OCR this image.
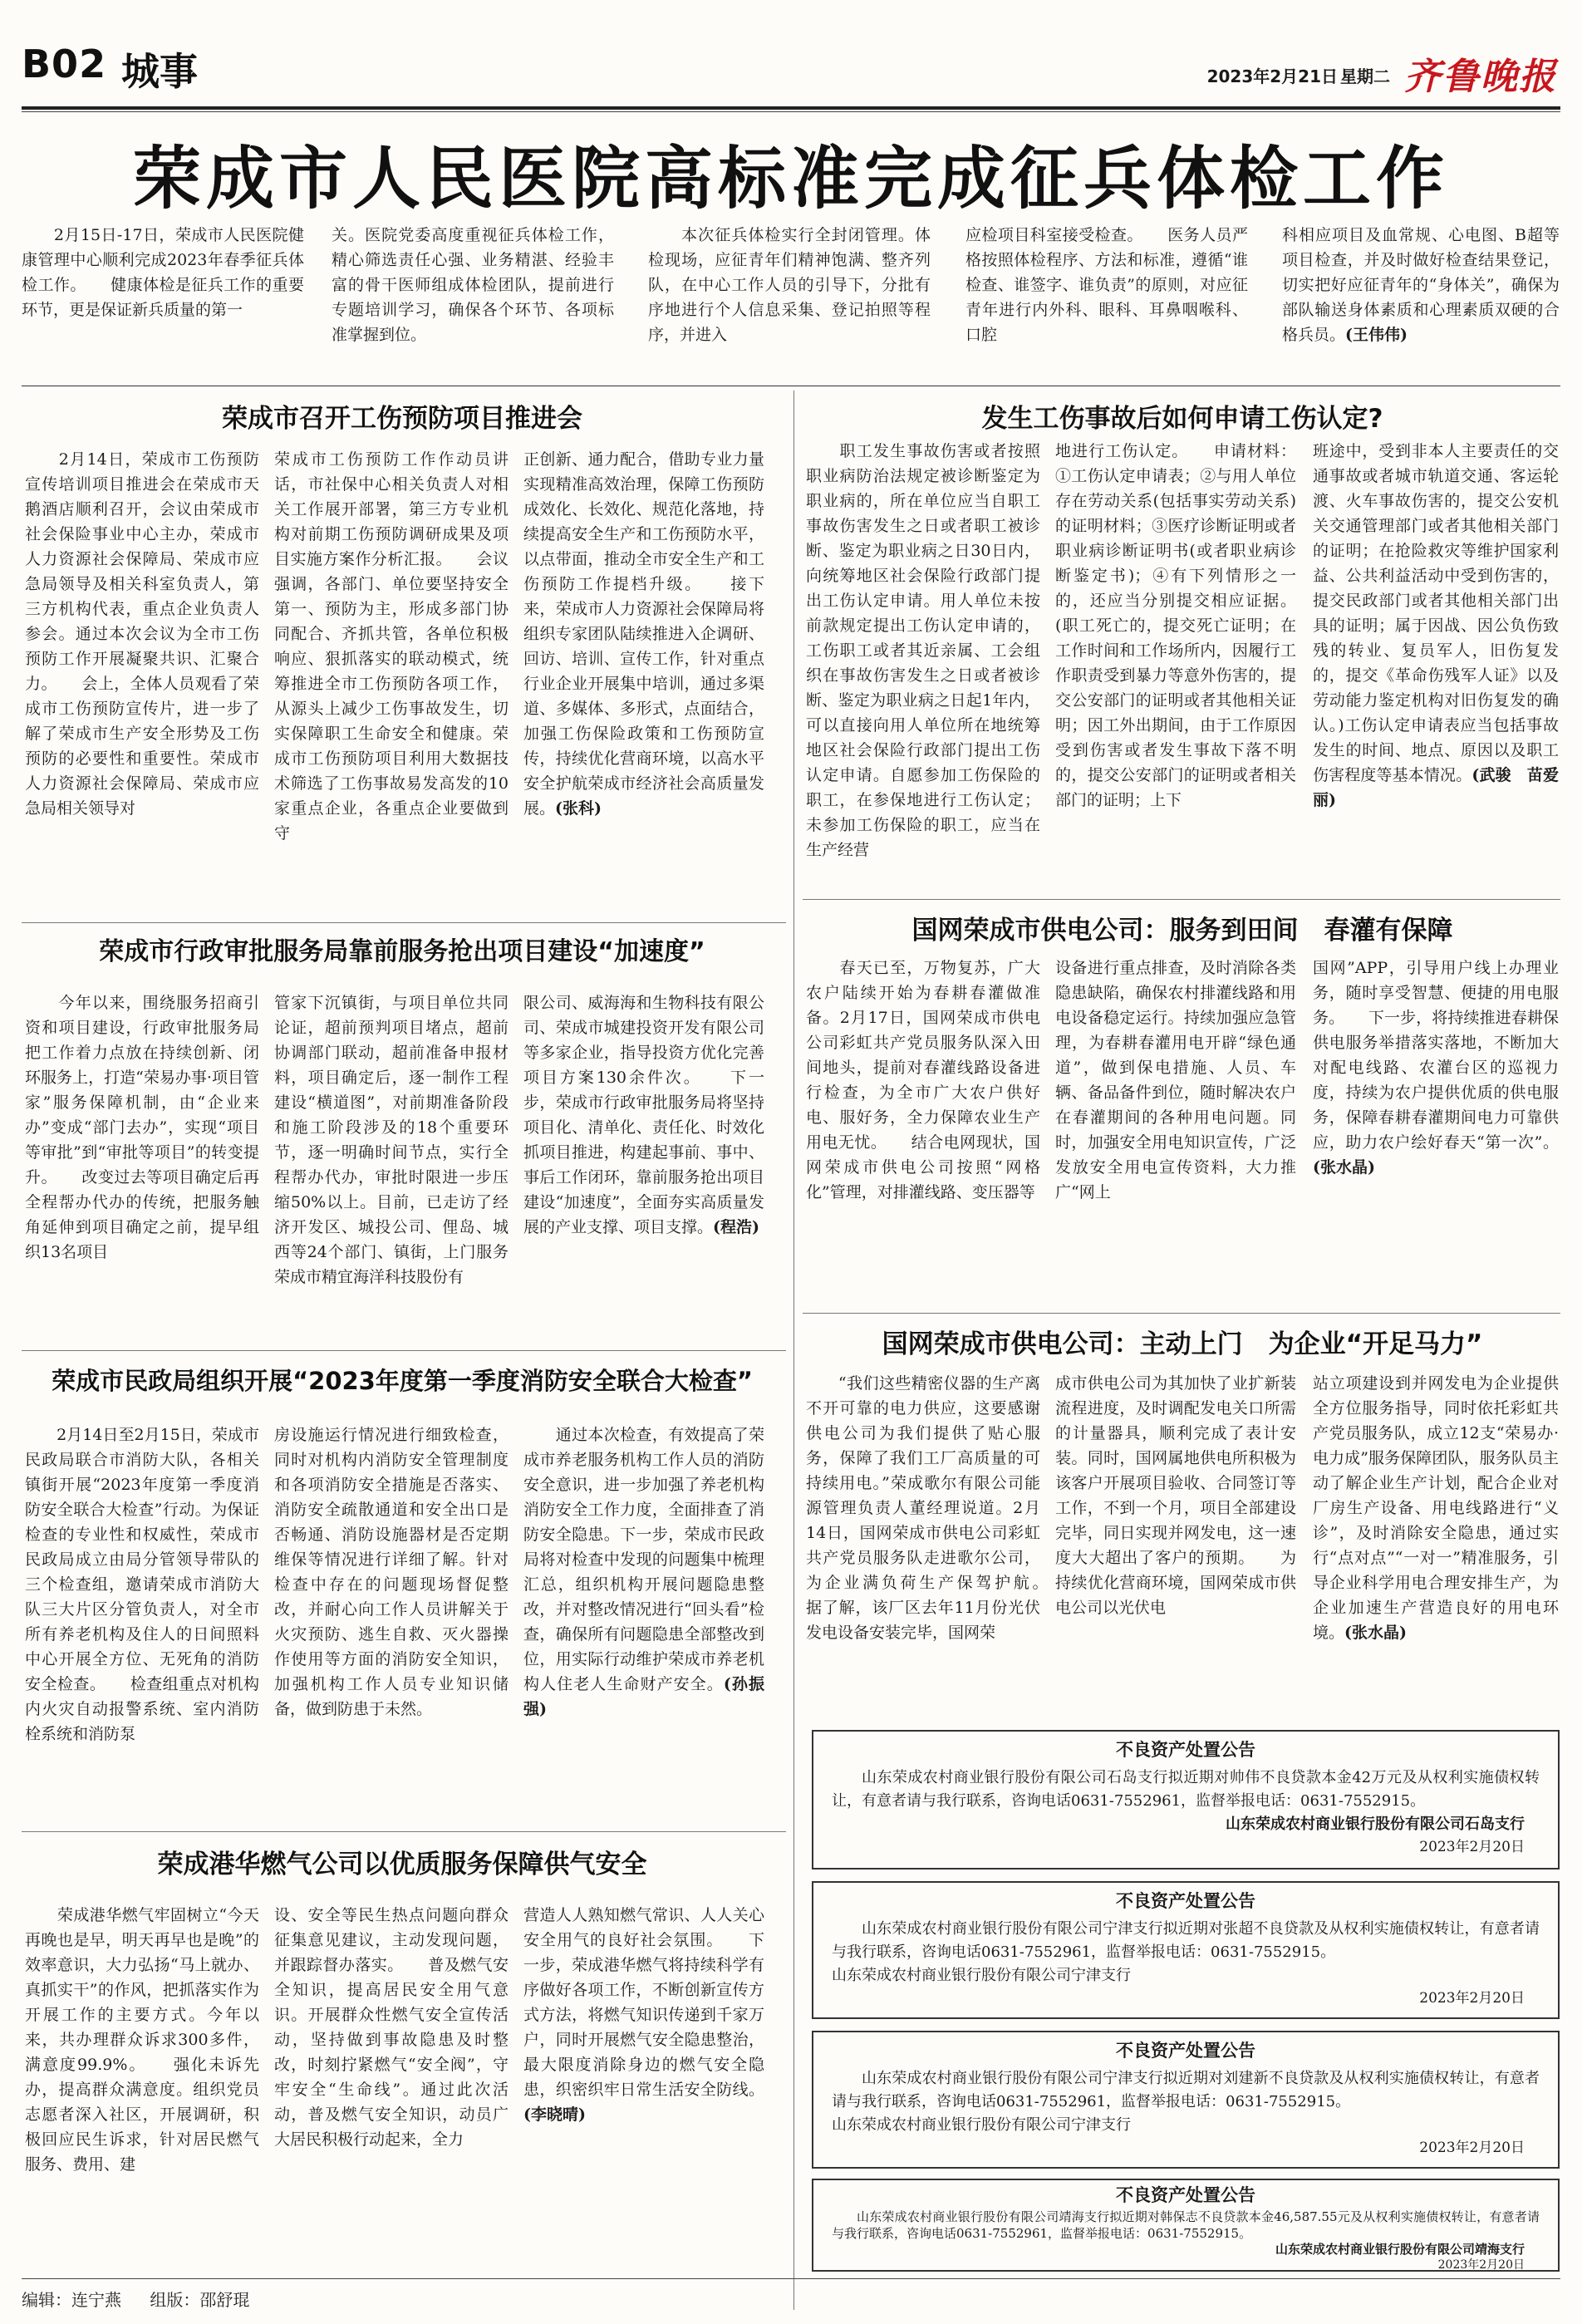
B02 城事	2023年2月21日 星期二 齐鲁晚报
荣成市人民医院高标准完成征兵体检工作
　　2月15日-17日，荣成市人民医院健康管理中心顺利完成2023年春季征兵体检工作。　　健康体检是征兵工作的重要环节，更是保证新兵质量的第一
关。医院党委高度重视征兵体检工作，精心筛选责任心强、业务精湛、经验丰富的骨干医师组成体检团队，提前进行专题培训学习，确保各个环节、各项标准掌握到位。
　　本次征兵体检实行全封闭管理。体检现场，应征青年们精神饱满、整齐列队，在中心工作人员的引导下，分批有序地进行个人信息采集、登记拍照等程序，并进入
应检项目科室接受检查。　　医务人员严格按照体检程序、方法和标准，遵循“谁检查、谁签字、谁负责”的原则，对应征青年进行内外科、眼科、耳鼻咽喉科、口腔
科相应项目及血常规、心电图、B超等项目检查，并及时做好检查结果登记，切实把好应征青年的“身体关”，确保为部队输送身体素质和心理素质双硬的合格兵员。(王伟伟)
荣成市召开工伤预防项目推进会
　　2月14日，荣成市工伤预防宣传培训项目推进会在荣成市天鹅酒店顺利召开，会议由荣成市社会保险事业中心主办，荣成市人力资源社会保障局、荣成市应急局领导及相关科室负责人，第三方机构代表，重点企业负责人参会。通过本次会议为全市工伤预防工作开展凝聚共识、汇聚合力。　　会上，全体人员观看了荣成市工伤预防宣传片，进一步了解了荣成市生产安全形势及工伤预防的必要性和重要性。荣成市人力资源社会保障局、荣成市应急局相关领导对
荣成市工伤预防工作作动员讲话，市社保中心相关负责人对相关工作展开部署，第三方专业机构对前期工伤预防调研成果及项目实施方案作分析汇报。　　会议强调，各部门、单位要坚持安全第一、预防为主，形成多部门协同配合、齐抓共管，各单位积极响应、狠抓落实的联动模式，统筹推进全市工伤预防各项工作，从源头上减少工伤事故发生，切实保障职工生命安全和健康。荣成市工伤预防项目利用大数据技术筛选了工伤事故易发高发的10家重点企业，各重点企业要做到守
正创新、通力配合，借助专业力量实现精准高效治理，保障工伤预防成效化、长效化、规范化落地，持续提高安全生产和工伤预防水平，以点带面，推动全市安全生产和工伤预防工作提档升级。　　接下来，荣成市人力资源社会保障局将组织专家团队陆续推进入企调研、回访、培训、宣传工作，针对重点行业企业开展集中培训，通过多渠道、多媒体、多形式，点面结合，加强工伤保险政策和工伤预防宣传，持续优化营商环境，以高水平安全护航荣成市经济社会高质量发展。(张科)
发生工伤事故后如何申请工伤认定?
　　职工发生事故伤害或者按照职业病防治法规定被诊断鉴定为职业病的，所在单位应当自职工事故伤害发生之日或者职工被诊断、鉴定为职业病之日30日内，向统筹地区社会保险行政部门提出工伤认定申请。用人单位未按前款规定提出工伤认定申请的，工伤职工或者其近亲属、工会组织在事故伤害发生之日或者被诊断、鉴定为职业病之日起1年内，可以直接向用人单位所在地统筹地区社会保险行政部门提出工伤认定申请。自愿参加工伤保险的职工，在参保地进行工伤认定；未参加工伤保险的职工，应当在生产经营
地进行工伤认定。　　申请材料：①工伤认定申请表；②与用人单位存在劳动关系(包括事实劳动关系)的证明材料；③医疗诊断证明或者职业病诊断证明书(或者职业病诊断鉴定书)；④有下列情形之一的，还应当分别提交相应证据。(职工死亡的，提交死亡证明；在工作时间和工作场所内，因履行工作职责受到暴力等意外伤害的，提交公安部门的证明或者其他相关证明；因工外出期间，由于工作原因受到伤害或者发生事故下落不明的，提交公安部门的证明或者相关部门的证明；上下
班途中，受到非本人主要责任的交通事故或者城市轨道交通、客运轮渡、火车事故伤害的，提交公安机关交通管理部门或者其他相关部门的证明；在抢险救灾等维护国家利益、公共利益活动中受到伤害的，提交民政部门或者其他相关部门出具的证明；属于因战、因公负伤致残的转业、复员军人，旧伤复发的，提交《革命伤残军人证》以及劳动能力鉴定机构对旧伤复发的确认。)工伤认定申请表应当包括事故发生的时间、地点、原因以及职工伤害程度等基本情况。(武骏　苗爱丽)
荣成市行政审批服务局靠前服务抢出项目建设“加速度”
　　今年以来，围绕服务招商引资和项目建设，行政审批服务局把工作着力点放在持续创新、闭环服务上，打造“荣易办事·项目管家”服务保障机制，由“企业来办”变成“部门去办”，实现“项目等审批”到“审批等项目”的转变提升。　　改变过去等项目确定后再全程帮办代办的传统，把服务触角延伸到项目确定之前，提早组织13名项目
管家下沉镇街，与项目单位共同论证，超前预判项目堵点，超前协调部门联动，超前准备申报材料，项目确定后，逐一制作工程建设“横道图”，对前期准备阶段和施工阶段涉及的18个重要环节，逐一明确时间节点，实行全程帮办代办，审批时限进一步压缩50%以上。目前，已走访了经济开发区、城投公司、俚岛、城西等24个部门、镇街，上门服务荣成市精宜海洋科技股份有
限公司、威海海和生物科技有限公司、荣成市城建投资开发有限公司等多家企业，指导投资方优化完善项目方案130余件次。　　下一步，荣成市行政审批服务局将坚持项目化、清单化、责任化、时效化抓项目推进，构建起事前、事中、事后工作闭环，靠前服务抢出项目建设“加速度”，全面夯实高质量发展的产业支撑、项目支撑。(程浩)
国网荣成市供电公司：服务到田间　春灌有保障
　　春天已至，万物复苏，广大农户陆续开始为春耕春灌做准备。2月17日，国网荣成市供电公司彩虹共产党员服务队深入田间地头，提前对春灌线路设备进行检查，为全市广大农户供好电、服好务，全力保障农业生产用电无忧。　　结合电网现状，国网荣成市供电公司按照“网格化”管理，对排灌线路、变压器等
设备进行重点排查，及时消除各类隐患缺陷，确保农村排灌线路和用电设备稳定运行。持续加强应急管理，为春耕春灌用电开辟“绿色通道”，做到保电措施、人员、车辆、备品备件到位，随时解决农户在春灌期间的各种用电问题。同时，加强安全用电知识宣传，广泛发放安全用电宣传资料，大力推广“网上
国网”APP，引导用户线上办理业务，随时享受智慧、便捷的用电服务。　　下一步，将持续推进春耕保供电服务举措落实落地，不断加大对配电线路、农灌台区的巡视力度，持续为农户提供优质的供电服务，保障春耕春灌期间电力可靠供应，助力农户绘好春天“第一次”。(张水晶)
荣成市民政局组织开展“2023年度第一季度消防安全联合大检查”
　　2月14日至2月15日，荣成市民政局联合市消防大队，各相关镇街开展“2023年度第一季度消防安全联合大检查”行动。为保证检查的专业性和权威性，荣成市民政局成立由局分管领导带队的三个检查组，邀请荣成市消防大队三大片区分管负责人，对全市所有养老机构及住人的日间照料中心开展全方位、无死角的消防安全检查。　　检查组重点对机构内火灾自动报警系统、室内消防栓系统和消防泵
房设施运行情况进行细致检查，同时对机构内消防安全管理制度和各项消防安全措施是否落实、消防安全疏散通道和安全出口是否畅通、消防设施器材是否定期维保等情况进行详细了解。针对检查中存在的问题现场督促整改，并耐心向工作人员讲解关于火灾预防、逃生自救、灭火器操作使用等方面的消防安全知识，加强机构工作人员专业知识储备，做到防患于未然。
　　通过本次检查，有效提高了荣成市养老服务机构工作人员的消防安全意识，进一步加强了养老机构消防安全工作力度，全面排查了消防安全隐患。下一步，荣成市民政局将对检查中发现的问题集中梳理汇总，组织机构开展问题隐患整改，并对整改情况进行“回头看”检查，确保所有问题隐患全部整改到位，用实际行动维护荣成市养老机构人住老人生命财产安全。(孙振强)
国网荣成市供电公司：主动上门　为企业“开足马力”
　　“我们这些精密仪器的生产离不开可靠的电力供应，这要感谢供电公司为我们提供了贴心服务，保障了我们工厂高质量的可持续用电。”荣成歌尔有限公司能源管理负责人董经理说道。2月14日，国网荣成市供电公司彩虹共产党员服务队走进歌尔公司，为企业满负荷生产保驾护航。　　据了解，该厂区去年11月份光伏发电设备安装完毕，国网荣
成市供电公司为其加快了业扩新装流程进度，及时调配发电关口所需的计量器具，顺利完成了表计安装。同时，国网属地供电所积极为该客户开展项目验收、合同签订等工作，不到一个月，项目全部建设完毕，同日实现并网发电，这一速度大大超出了客户的预期。　　为持续优化营商环境，国网荣成市供电公司以光伏电
站立项建设到并网发电为企业提供全方位服务指导，同时依托彩虹共产党员服务队，成立12支“荣易办·电力成”服务保障团队，服务队员主动了解企业生产计划，配合企业对厂房生产设备、用电线路进行“义诊”，及时消除安全隐患，通过实行“点对点”“一对一”精准服务，引导企业科学用电合理安排生产，为企业加速生产营造良好的用电环境。(张水晶)
荣成港华燃气公司以优质服务保障供气安全
　　荣成港华燃气牢固树立“今天再晚也是早，明天再早也是晚”的效率意识，大力弘扬“马上就办、真抓实干”的作风，把抓落实作为开展工作的主要方式。今年以来，共办理群众诉求300多件，满意度99.9%。　　强化未诉先办，提高群众满意度。组织党员志愿者深入社区，开展调研，积极回应民生诉求，针对居民燃气服务、费用、建
设、安全等民生热点问题向群众征集意见建议，主动发现问题，并跟踪督办落实。　　普及燃气安全知识，提高居民安全用气意识。开展群众性燃气安全宣传活动，坚持做到事故隐患及时整改，时刻拧紧燃气“安全阀”，守牢安全“生命线”。通过此次活动，普及燃气安全知识，动员广大居民积极行动起来，全力
营造人人熟知燃气常识、人人关心安全用气的良好社会氛围。　　下一步，荣成港华燃气将持续科学有序做好各项工作，不断创新宣传方式方法，将燃气知识传递到千家万户，同时开展燃气安全隐患整治，最大限度消除身边的燃气安全隐患，织密织牢日常生活安全防线。(李晓晴)
不良资产处置公告
山东荣成农村商业银行股份有限公司石岛支行拟近期对帅伟不良贷款本金42万元及从权利实施债权转让，有意者请与我行联系，咨询电话0631-7552961，监督举报电话：0631-7552915。
山东荣成农村商业银行股份有限公司石岛支行
2023年2月20日
不良资产处置公告
山东荣成农村商业银行股份有限公司宁津支行拟近期对张超不良贷款及从权利实施债权转让，有意者请与我行联系，咨询电话0631-7552961，监督举报电话：0631-7552915。
山东荣成农村商业银行股份有限公司宁津支行
2023年2月20日
不良资产处置公告
山东荣成农村商业银行股份有限公司宁津支行拟近期对刘建新不良贷款及从权利实施债权转让，有意者请与我行联系，咨询电话0631-7552961，监督举报电话：0631-7552915。
山东荣成农村商业银行股份有限公司宁津支行
2023年2月20日
不良资产处置公告
山东荣成农村商业银行股份有限公司靖海支行拟近期对韩保志不良贷款本金46,587.55元及从权利实施债权转让，有意者请与我行联系，咨询电话0631-7552961，监督举报电话：0631-7552915。
山东荣成农村商业银行股份有限公司靖海支行
2023年2月20日
编辑：连宁燕 组版：邵舒琨
